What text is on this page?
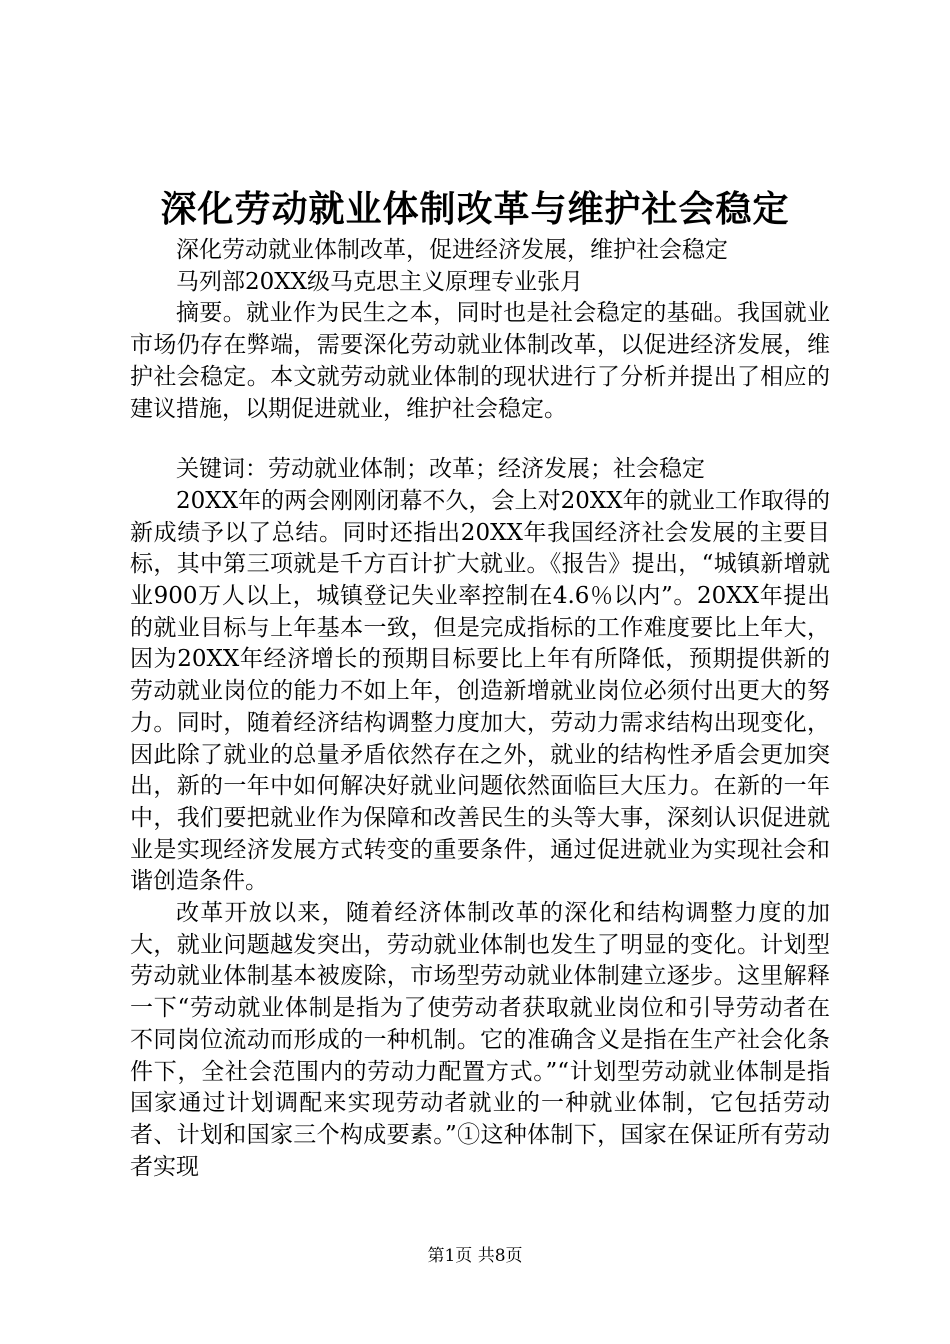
深化劳动就业体制改革与维护社会稳定

深化劳动就业体制改革，促进经济发展，维护社会稳定

马列部20XX级马克思主义原理专业张月

摘要。就业作为民生之本，同时也是社会稳定的基础。我国就业市场仍存在弊端，需要深化劳动就业体制改革，以促进经济发展，维护社会稳定。本文就劳动就业体制的现状进行了分析并提出了相应的建议措施，以期促进就业，维护社会稳定。

关键词：劳动就业体制；改革；经济发展；社会稳定

20XX年的两会刚刚闭幕不久，会上对20XX年的就业工作取得的新成绩予以了总结。同时还指出20XX年我国经济社会发展的主要目标，其中第三项就是千方百计扩大就业。《报告》提出，“城镇新增就业900万人以上，城镇登记失业率控制在4.6％以内”。20XX年提出的就业目标与上年基本一致，但是完成指标的工作难度要比上年大，因为20XX年经济增长的预期目标要比上年有所降低，预期提供新的劳动就业岗位的能力不如上年，创造新增就业岗位必须付出更大的努力。同时，随着经济结构调整力度加大，劳动力需求结构出现变化，因此除了就业的总量矛盾依然存在之外，就业的结构性矛盾会更加突出，新的一年中如何解决好就业问题依然面临巨大压力。在新的一年中，我们要把就业作为保障和改善民生的头等大事，深刻认识促进就业是实现经济发展方式转变的重要条件，通过促进就业为实现社会和谐创造条件。

改革开放以来，随着经济体制改革的深化和结构调整力度的加大，就业问题越发突出，劳动就业体制也发生了明显的变化。计划型劳动就业体制基本被废除，市场型劳动就业体制建立逐步。这里解释一下“劳动就业体制是指为了使劳动者获取就业岗位和引导劳动者在不同岗位流动而形成的一种机制。它的准确含义是指在生产社会化条件下，全社会范围内的劳动力配置方式。”“计划型劳动就业体制是指国家通过计划调配来实现劳动者就业的一种就业体制，它包括劳动者、计划和国家三个构成要素。”①这种体制下，国家在保证所有劳动者实现

第1页 共8页
